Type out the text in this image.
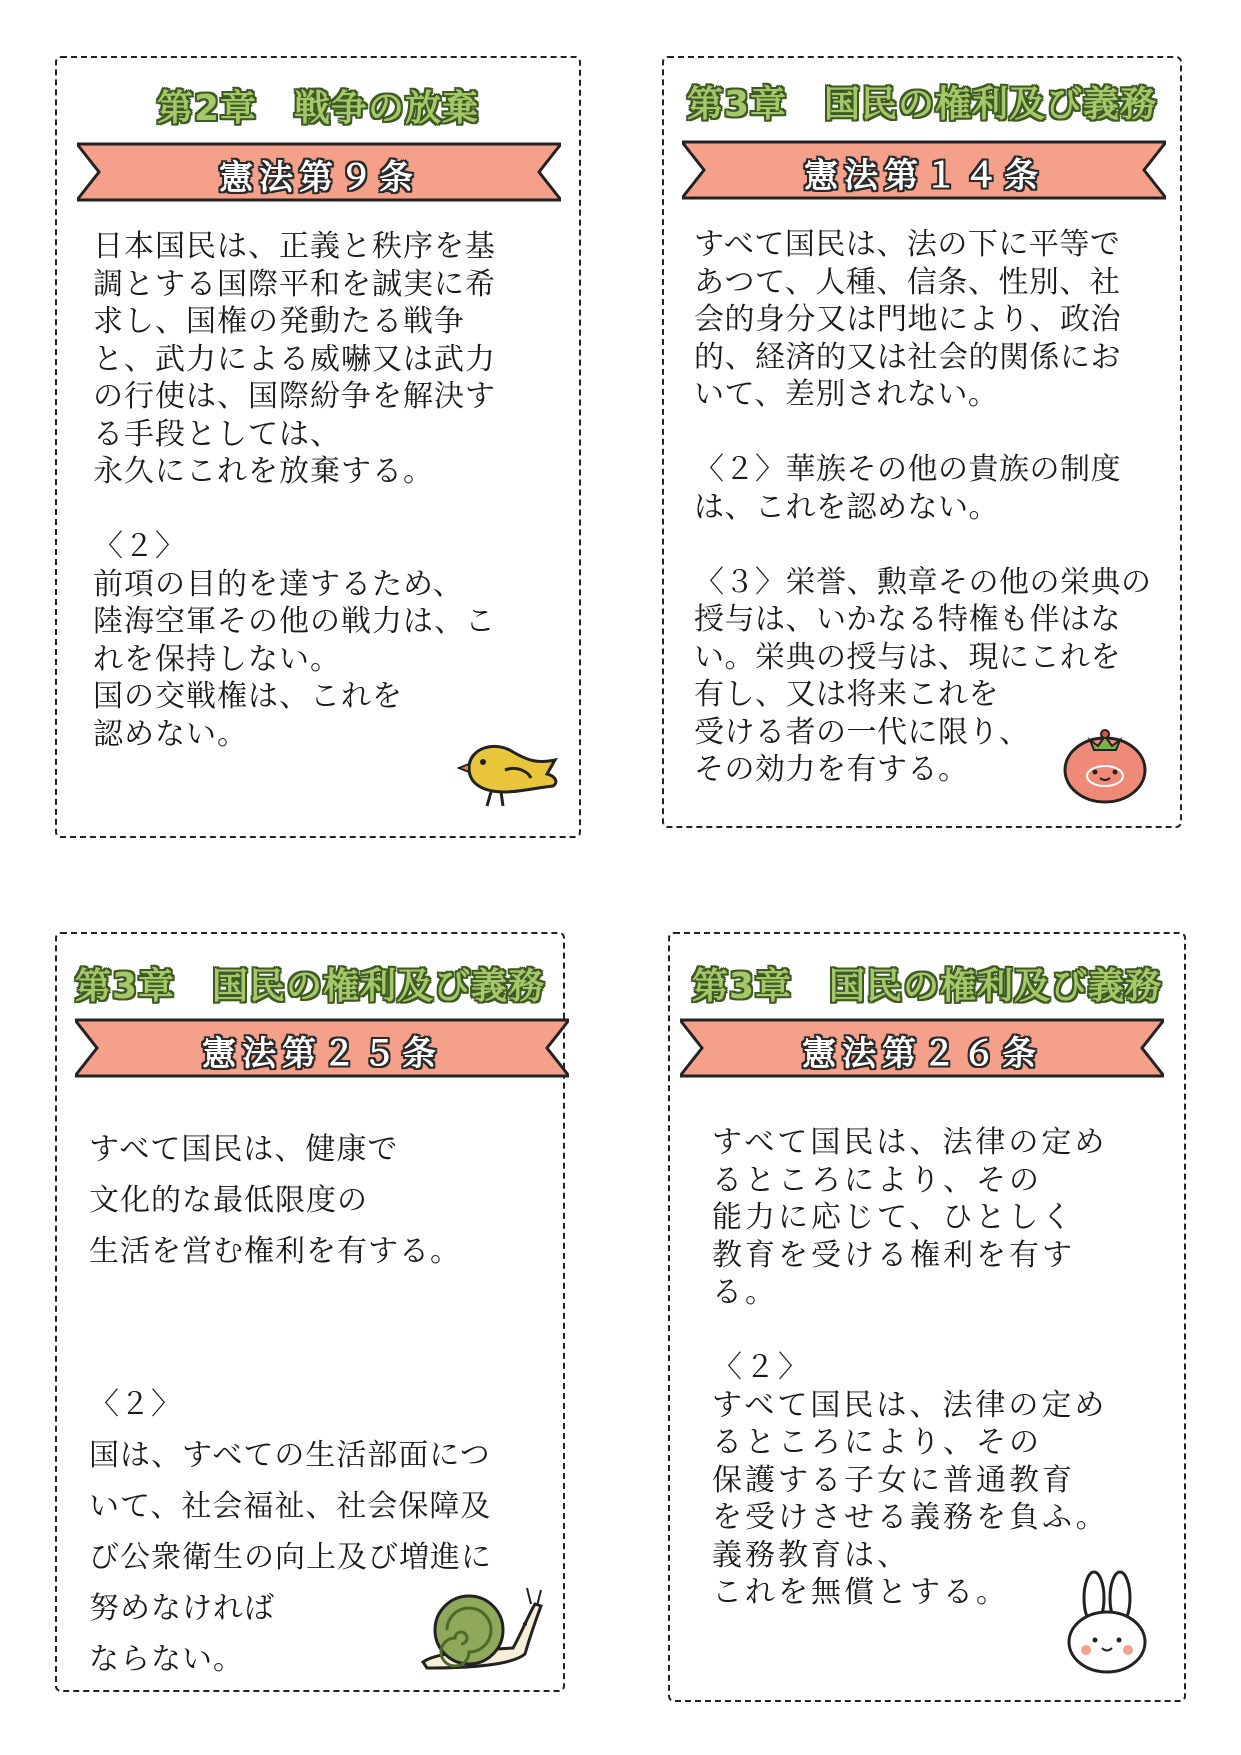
第2章　戦争の放棄
憲法第９条
日本国民は、正義と秩序を基
調とする国際平和を誠実に希
求し、国権の発動たる戦争
と、武力による威嚇又は武力
の行使は、国際紛争を解決す
る手段としては、
永久にこれを放棄する。

〈２〉
前項の目的を達するため、
陸海空軍その他の戦力は、こ
れを保持しない。
国の交戦権は、これを
認めない。
第3章　国民の権利及び義務
憲法第１４条
すべて国民は、法の下に平等で
あつて、人種、信条、性別、社
会的身分又は門地により、政治
的、経済的又は社会的関係にお
いて、差別されない。

〈２〉華族その他の貴族の制度
は、これを認めない。

〈３〉栄誉、勲章その他の栄典の
授与は、いかなる特権も伴はな
い。栄典の授与は、現にこれを
有し、又は将来これを
受ける者の一代に限り、
その効力を有する。
第3章　国民の権利及び義務
憲法第２５条
すべて国民は、健康で
文化的な最低限度の
生活を営む権利を有する。

〈２〉
国は、すべての生活部面につ
いて、社会福祉、社会保障及
び公衆衛生の向上及び増進に
努めなければ
ならない。
第3章　国民の権利及び義務
憲法第２６条
すべて国民は、法律の定め
るところにより、その
能力に応じて、ひとしく
教育を受ける権利を有す
る。

〈２〉
すべて国民は、法律の定め
るところにより、その
保護する子女に普通教育
を受けさせる義務を負ふ。
義務教育は、
これを無償とする。
